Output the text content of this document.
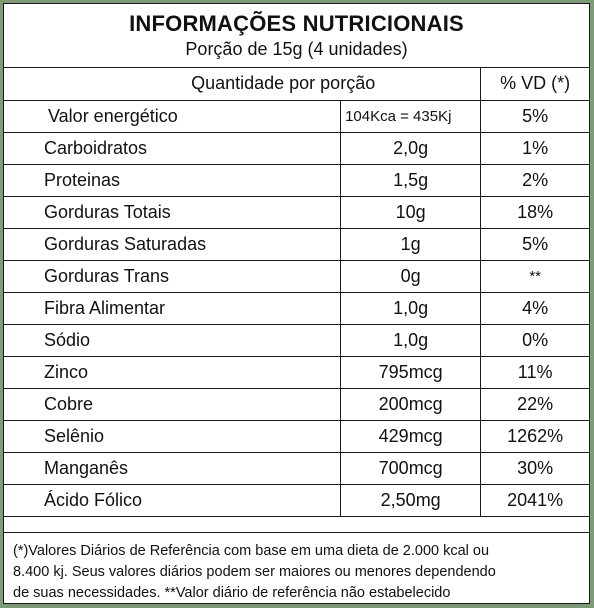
INFORMAÇÕES NUTRICIONAIS
Porção de 15g (4 unidades)
Quantidade por porção		% VD (*)
Valor energético	104Kca = 435Kj	5%
Carboidratos	2,0g	1%
Proteinas	1,5g	2%
Gorduras Totais	10g	18%
Gorduras Saturadas	1g	5%
Gorduras Trans	0g	**
Fibra Alimentar	1,0g	4%
Sódio	1,0g	0%
Zinco	795mcg	11%
Cobre	200mcg	22%
Selênio	429mcg	1262%
Manganês	700mcg	30%
Ácido Fólico	2,50mg	2041%

(*)Valores Diários de Referência com base em uma dieta de 2.000 kcal ou

8.400 kj. Seus valores diários podem ser maiores ou menores dependendo

de suas necessidades. **Valor diário de referência não estabelecido
